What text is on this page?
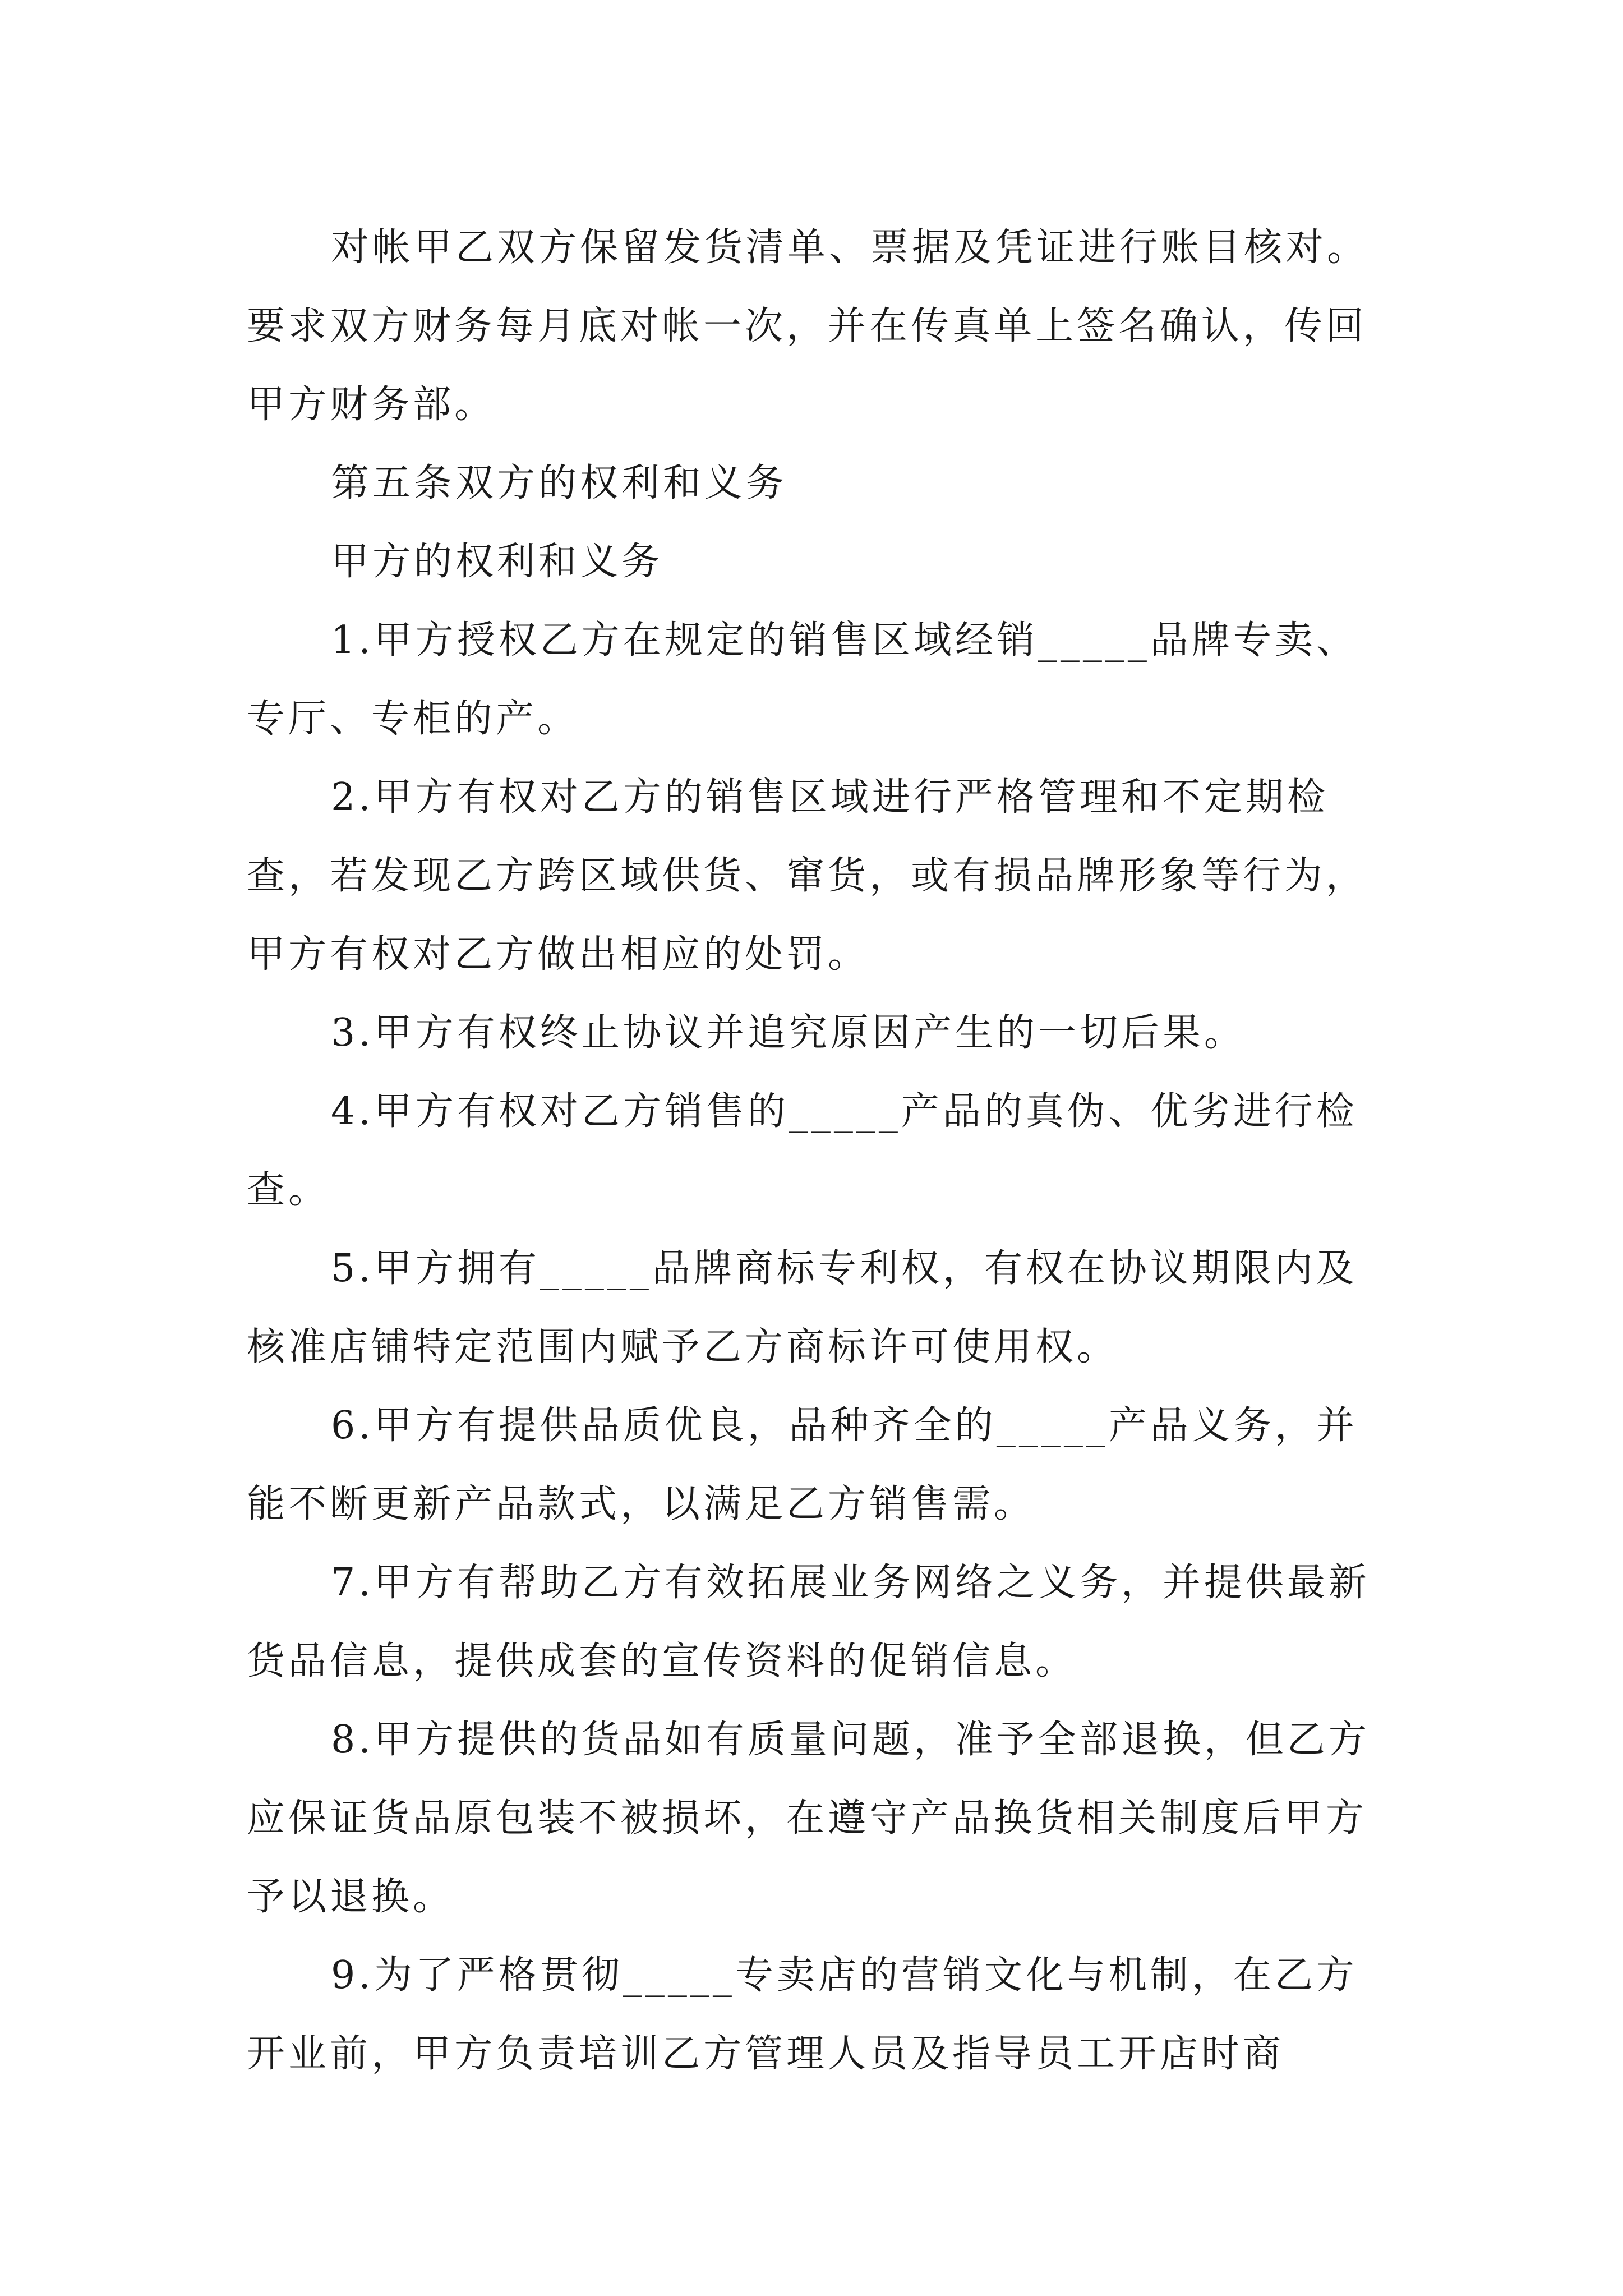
对帐甲乙双方保留发货清单、票据及凭证进行账目核对。要求双方财务每月底对帐一次，并在传真单上签名确认，传回甲方财务部。

第五条双方的权利和义务

甲方的权利和义务

1.甲方授权乙方在规定的销售区域经销_____品牌专卖、专厅、专柜的产。

2.甲方有权对乙方的销售区域进行严格管理和不定期检查，若发现乙方跨区域供货、窜货，或有损品牌形象等行为，甲方有权对乙方做出相应的处罚。

3.甲方有权终止协议并追究原因产生的一切后果。

4.甲方有权对乙方销售的_____产品的真伪、优劣进行检查。

5.甲方拥有_____品牌商标专利权，有权在协议期限内及核准店铺特定范围内赋予乙方商标许可使用权。

6.甲方有提供品质优良，品种齐全的_____产品义务，并能不断更新产品款式，以满足乙方销售需。

7.甲方有帮助乙方有效拓展业务网络之义务，并提供最新货品信息，提供成套的宣传资料的促销信息。

8.甲方提供的货品如有质量问题，准予全部退换，但乙方应保证货品原包装不被损坏，在遵守产品换货相关制度后甲方予以退换。

9.为了严格贯彻_____专卖店的营销文化与机制，在乙方开业前，甲方负责培训乙方管理人员及指导员工开店时商
